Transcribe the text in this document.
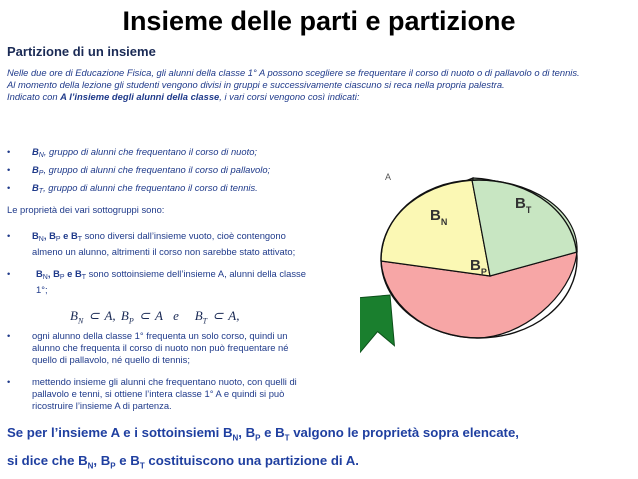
Insieme delle parti e partizione
Partizione di un insieme
Nelle due ore di Educazione Fisica, gli alunni della classe 1° A possono scegliere se frequentare il corso di nuoto o di pallavolo o di tennis.
Al momento della lezione gli studenti vengono divisi in gruppi e successivamente ciascuno si reca nella propria palestra.
Indicato con A l’insieme degli alunni della classe, i vari corsi vengono così indicati:
• $B_N$, gruppo di alunni che frequentano il corso di nuoto;
• $B_P$, gruppo di alunni che frequentano il corso di pallavolo;
• $B_T$, gruppo di alunni che frequentano il corso di tennis.
Le proprietà dei vari sottogruppi sono:
• $B_N$, $B_P$ e $B_T$ sono diversi dall’insieme vuoto, cioè contengono almeno un alunno, altrimenti il corso non sarebbe stato attivato;
•	$B_N$, $B_P$ e $B_T$ sono sottoinsieme dell’insieme A, alunni della classe 1°;
• ogni alunno della classe 1° frequenta un solo corso, quindi un alunno che frequenta il corso di nuoto non può frequentare né quello di pallavolo, né quello di tennis;
• mettendo insieme gli alunni che frequentano nuoto, con quelli di pallavolo e tenni, si ottiene l’intera classe 1° A e quindi si può ricostruire l’insieme A di partenza.
$B_N$ ⊂ A, $B_P$ ⊂ A e $B_T$ ⊂ A,
A
$B_N$
$B_T$
$B_P$
Se per l’insieme A e i sottoinsiemi $B_N$, $B_P$ e $B_T$ valgono le proprietà sopra elencate,
si dice che $B_N$, $B_P$ e $B_T$ costituiscono una partizione di A.
